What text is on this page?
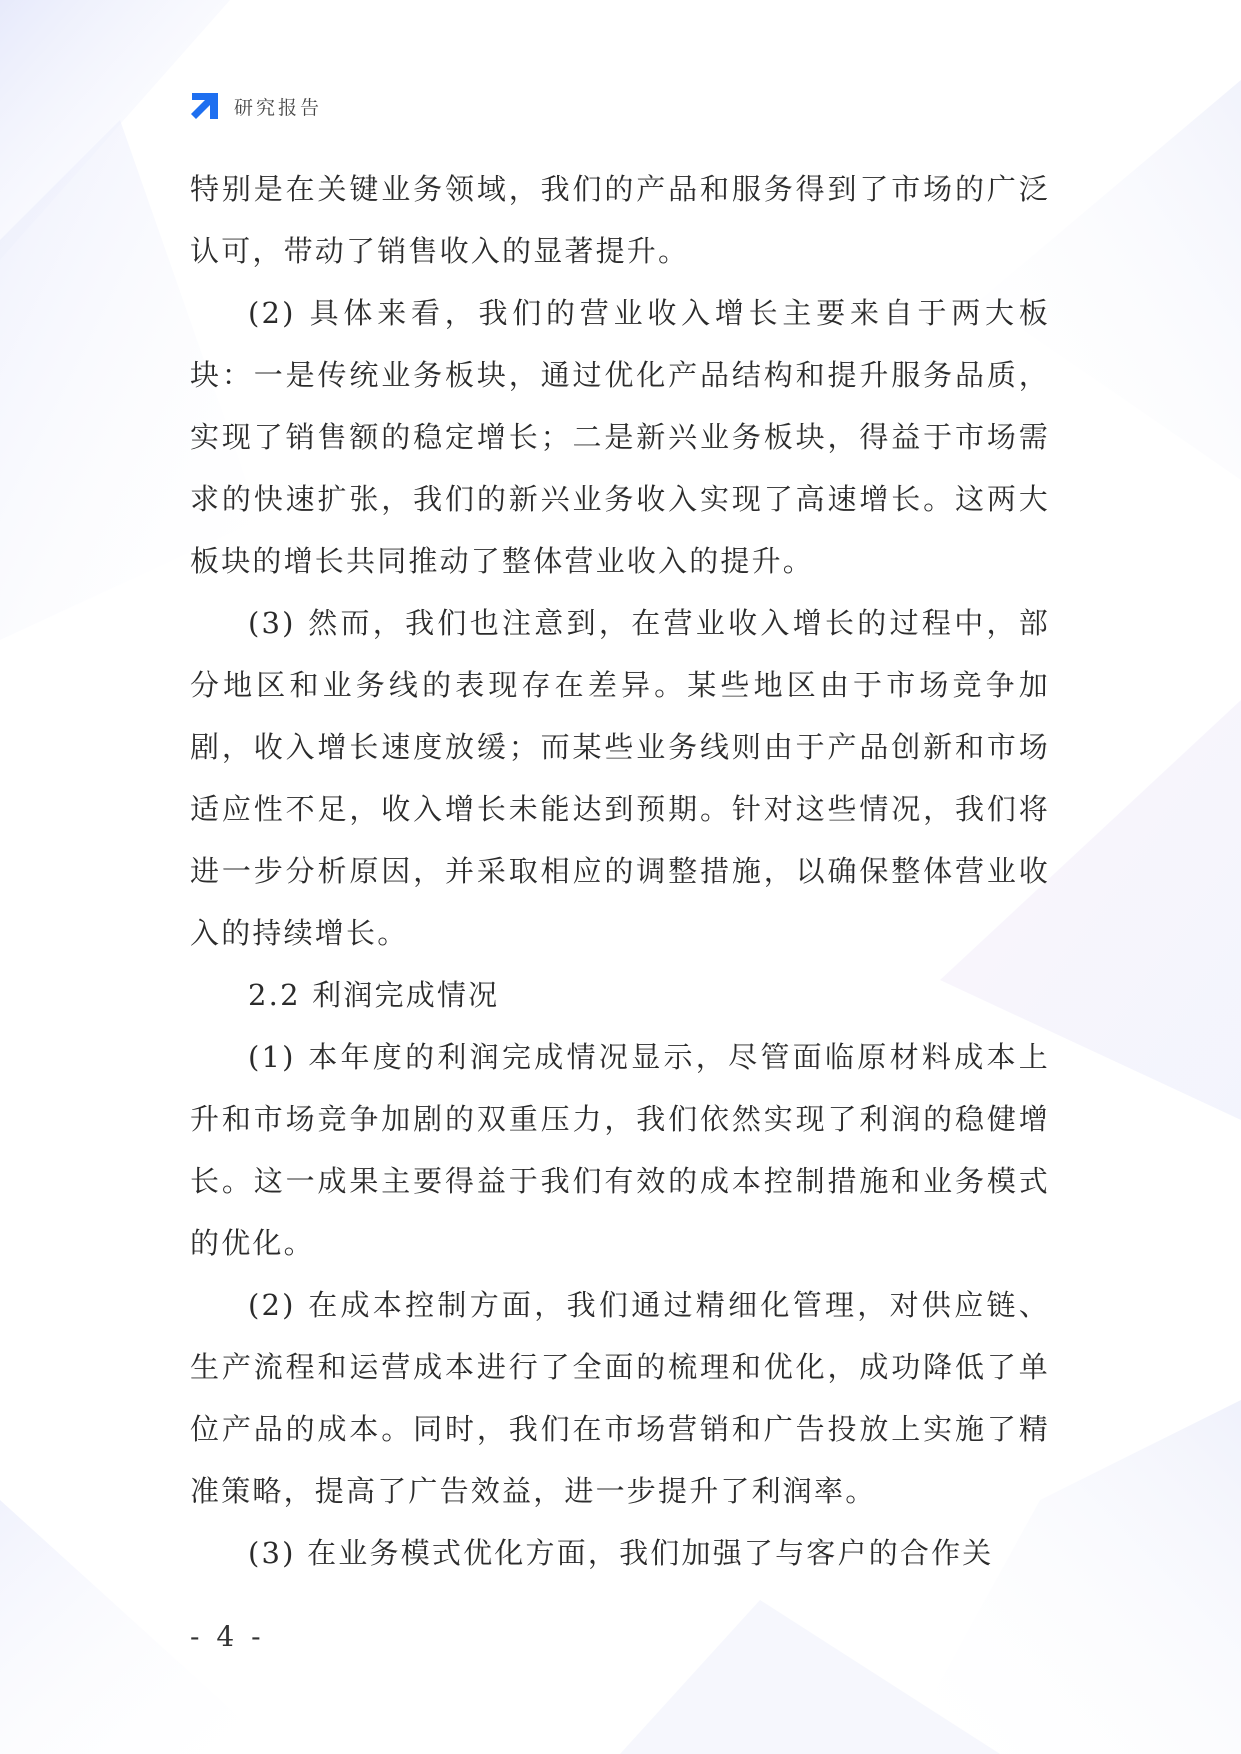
研究报告

特别是在关键业务领域，我们的产品和服务得到了市场的广泛认可，带动了销售收入的显著提升。

(2) 具体来看，我们的营业收入增长主要来自于两大板块：一是传统业务板块，通过优化产品结构和提升服务品质，实现了销售额的稳定增长；二是新兴业务板块，得益于市场需求的快速扩张，我们的新兴业务收入实现了高速增长。这两大板块的增长共同推动了整体营业收入的提升。

(3) 然而，我们也注意到，在营业收入增长的过程中，部分地区和业务线的表现存在差异。某些地区由于市场竞争加剧，收入增长速度放缓；而某些业务线则由于产品创新和市场适应性不足，收入增长未能达到预期。针对这些情况，我们将进一步分析原因，并采取相应的调整措施，以确保整体营业收入的持续增长。

2.2 利润完成情况

(1) 本年度的利润完成情况显示，尽管面临原材料成本上升和市场竞争加剧的双重压力，我们依然实现了利润的稳健增长。这一成果主要得益于我们有效的成本控制措施和业务模式的优化。

(2) 在成本控制方面，我们通过精细化管理，对供应链、生产流程和运营成本进行了全面的梳理和优化，成功降低了单位产品的成本。同时，我们在市场营销和广告投放上实施了精准策略，提高了广告效益，进一步提升了利润率。

(3) 在业务模式优化方面，我们加强了与客户的合作关

- 4 -
